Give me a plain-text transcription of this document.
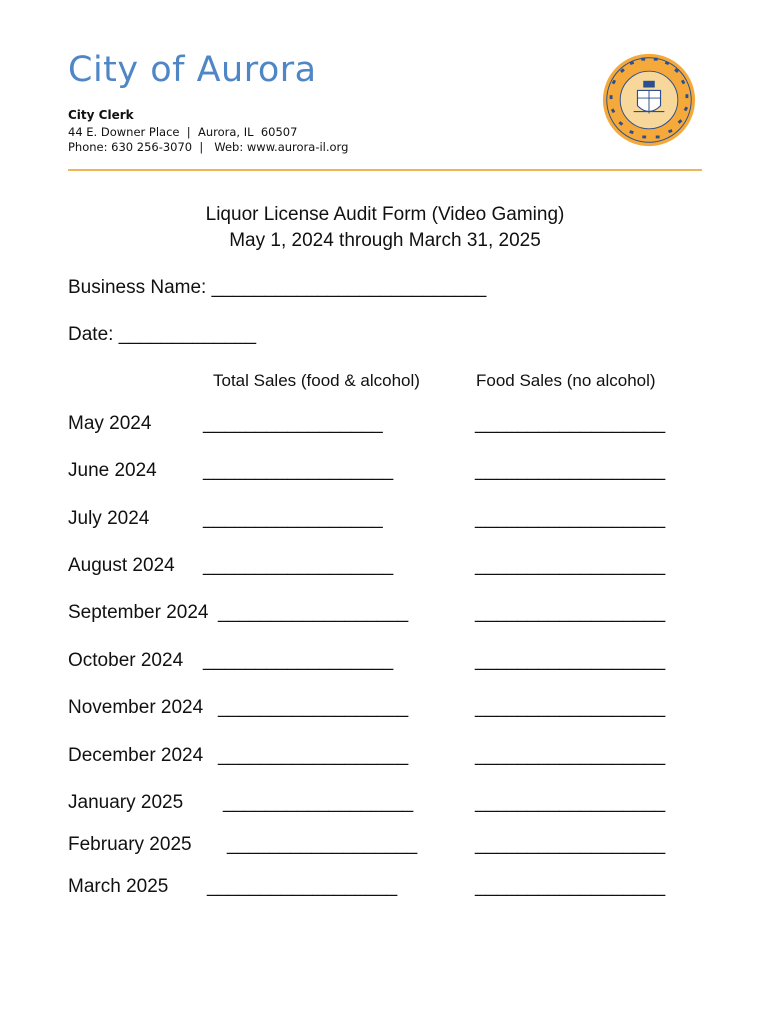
City of Aurora
City Clerk
44 E. Downer Place  |  Aurora, IL  60507
Phone: 630 256-3070  |   Web: www.aurora-il.org
Liquor License Audit Form (Video Gaming)
May 1, 2024 through March 31, 2025
Business Name: __________________________
Date: _____________
Total Sales (food & alcohol)	Food Sales (no alcohol)
May 2024	_________________	__________________
June 2024 __________________	__________________
July 2024	_________________	__________________
August 2024 __________________	__________________
September 2024 __________________	__________________
October 2024 __________________	__________________
November 2024 __________________	__________________
December 2024 __________________	__________________
January 2025 __________________	__________________
February 2025 __________________	__________________
March 2025 __________________	__________________
